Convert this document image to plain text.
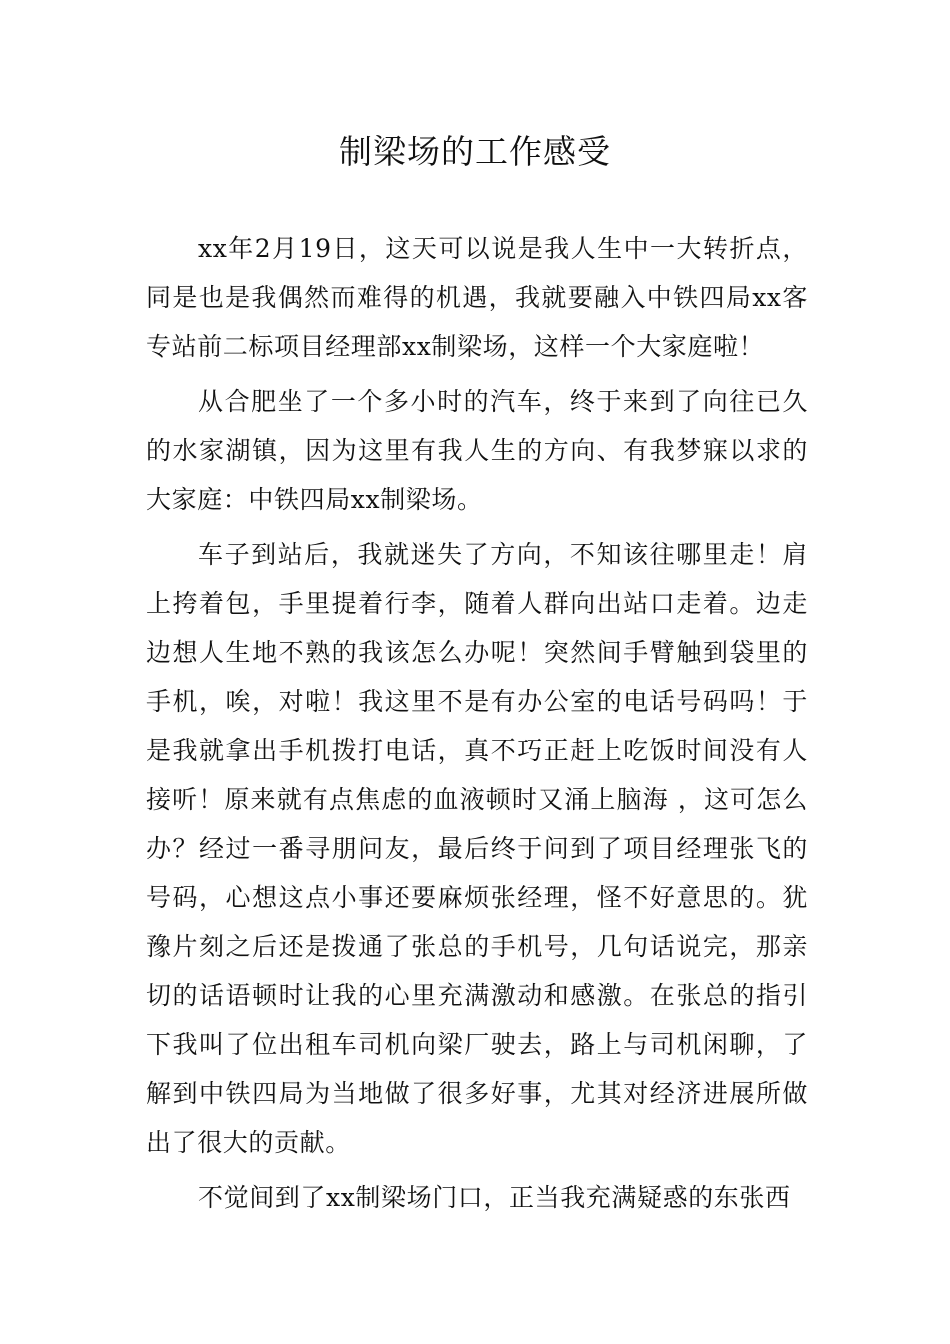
制梁场的工作感受

xx年2月19日，这天可以说是我人生中一大转折点，同是也是我偶然而难得的机遇，我就要融入中铁四局xx客专站前二标项目经理部xx制梁场，这样一个大家庭啦！

从合肥坐了一个多小时的汽车，终于来到了向往已久的水家湖镇，因为这里有我人生的方向、有我梦寐以求的大家庭：中铁四局xx制梁场。

车子到站后，我就迷失了方向，不知该往哪里走！肩上挎着包，手里提着行李，随着人群向出站口走着。边走边想人生地不熟的我该怎么办呢！突然间手臂触到袋里的手机，唉，对啦！我这里不是有办公室的电话号码吗！于是我就拿出手机拨打电话，真不巧正赶上吃饭时间没有人接听！原来就有点焦虑的血液顿时又涌上脑海 ，这可怎么办？经过一番寻朋问友，最后终于问到了项目经理张飞的号码，心想这点小事还要麻烦张经理，怪不好意思的。犹豫片刻之后还是拨通了张总的手机号，几句话说完，那亲切的话语顿时让我的心里充满激动和感激。在张总的指引下我叫了位出租车司机向梁厂驶去，路上与司机闲聊，了解到中铁四局为当地做了很多好事，尤其对经济进展所做出了很大的贡献。

不觉间到了xx制梁场门口，正当我充满疑惑的东张西
